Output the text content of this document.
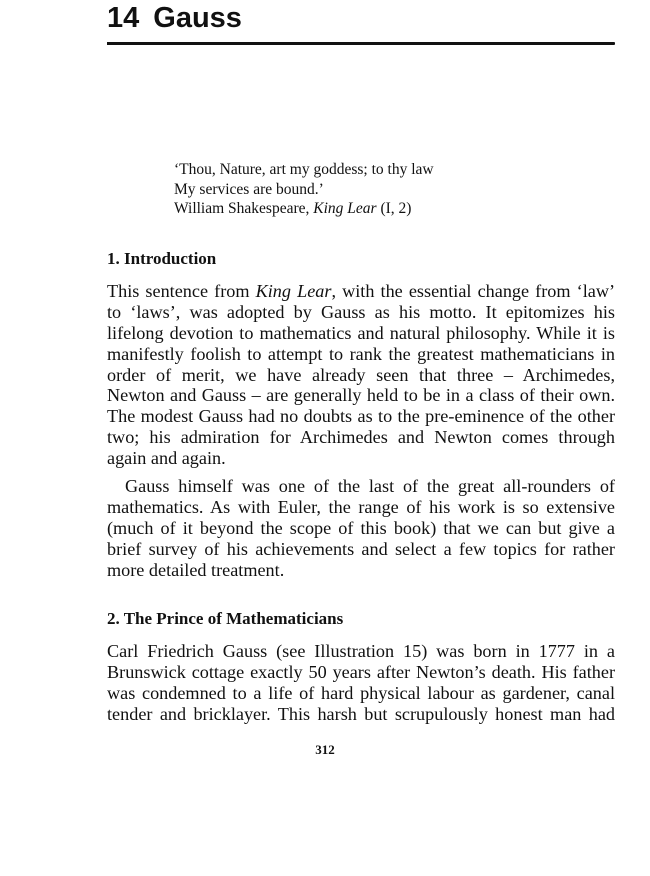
14 Gauss
‘Thou, Nature, art my goddess; to thy law
My services are bound.’
William Shakespeare, King Lear (I, 2)
1. Introduction
This sentence from King Lear, with the essential change from ‘law’
to ‘laws’, was adopted by Gauss as his motto. It epitomizes his
lifelong devotion to mathematics and natural philosophy. While it is
manifestly foolish to attempt to rank the greatest mathematicians in
order of merit, we have already seen that three – Archimedes,
Newton and Gauss – are generally held to be in a class of their own.
The modest Gauss had no doubts as to the pre-eminence of the other
two; his admiration for Archimedes and Newton comes through
again and again.
Gauss himself was one of the last of the great all-rounders of
mathematics. As with Euler, the range of his work is so extensive
(much of it beyond the scope of this book) that we can but give a
brief survey of his achievements and select a few topics for rather
more detailed treatment.
2. The Prince of Mathematicians
Carl Friedrich Gauss (see Illustration 15) was born in 1777 in a
Brunswick cottage exactly 50 years after Newton’s death. His father
was condemned to a life of hard physical labour as gardener, canal
tender and bricklayer. This harsh but scrupulously honest man had
312
